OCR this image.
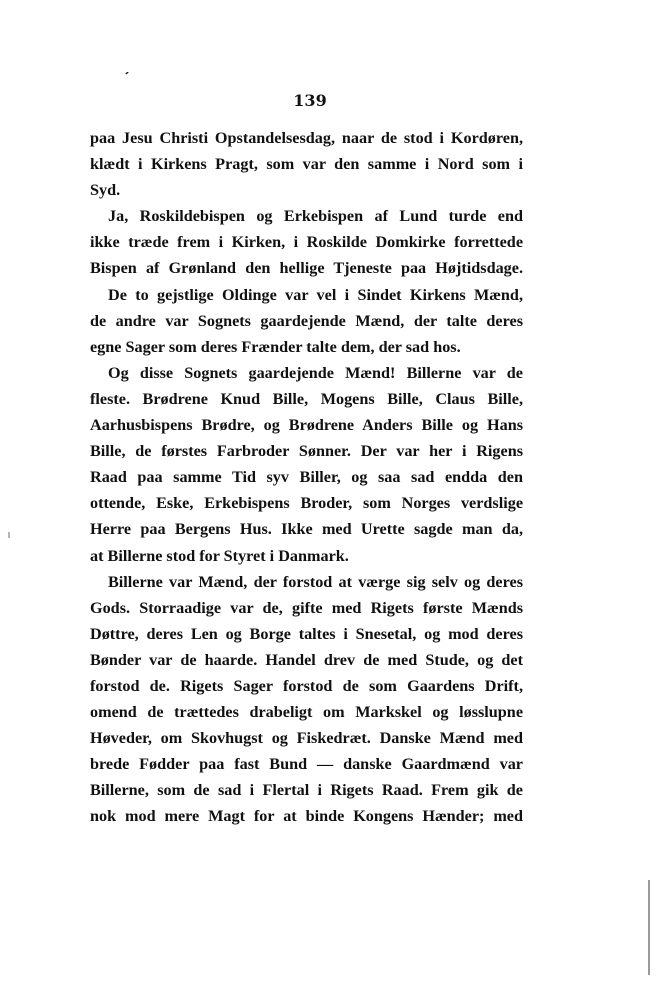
′
139
paa Jesu Christi Opstandelsesdag, naar de stod i Kordøren,
klædt i Kirkens Pragt, som var den samme i Nord som i
Syd.
Ja, Roskildebispen og Erkebispen af Lund turde end
ikke træde frem i Kirken, i Roskilde Domkirke forrettede
Bispen af Grønland den hellige Tjeneste paa Højtidsdage.
De to gejstlige Oldinge var vel i Sindet Kirkens Mænd,
de andre var Sognets gaardejende Mænd, der talte deres
egne Sager som deres Frænder talte dem, der sad hos.
Og disse Sognets gaardejende Mænd! Billerne var de
fleste. Brødrene Knud Bille, Mogens Bille, Claus Bille,
Aarhusbispens Brødre, og Brødrene Anders Bille og Hans
Bille, de førstes Farbroder Sønner. Der var her i Rigens
Raad paa samme Tid syv Biller, og saa sad endda den
ottende, Eske, Erkebispens Broder, som Norges verdslige
Herre paa Bergens Hus. Ikke med Urette sagde man da,
at Billerne stod for Styret i Danmark.
Billerne var Mænd, der forstod at værge sig selv og deres
Gods. Storraadige var de, gifte med Rigets første Mænds
Døttre, deres Len og Borge taltes i Snesetal, og mod deres
Bønder var de haarde. Handel drev de med Stude, og det
forstod de. Rigets Sager forstod de som Gaardens Drift,
omend de trættedes drabeligt om Markskel og løsslupne
Høveder, om Skovhugst og Fiskedræt. Danske Mænd med
brede Fødder paa fast Bund — danske Gaardmænd var
Billerne, som de sad i Flertal i Rigets Raad. Frem gik de
nok mod mere Magt for at binde Kongens Hænder; med
